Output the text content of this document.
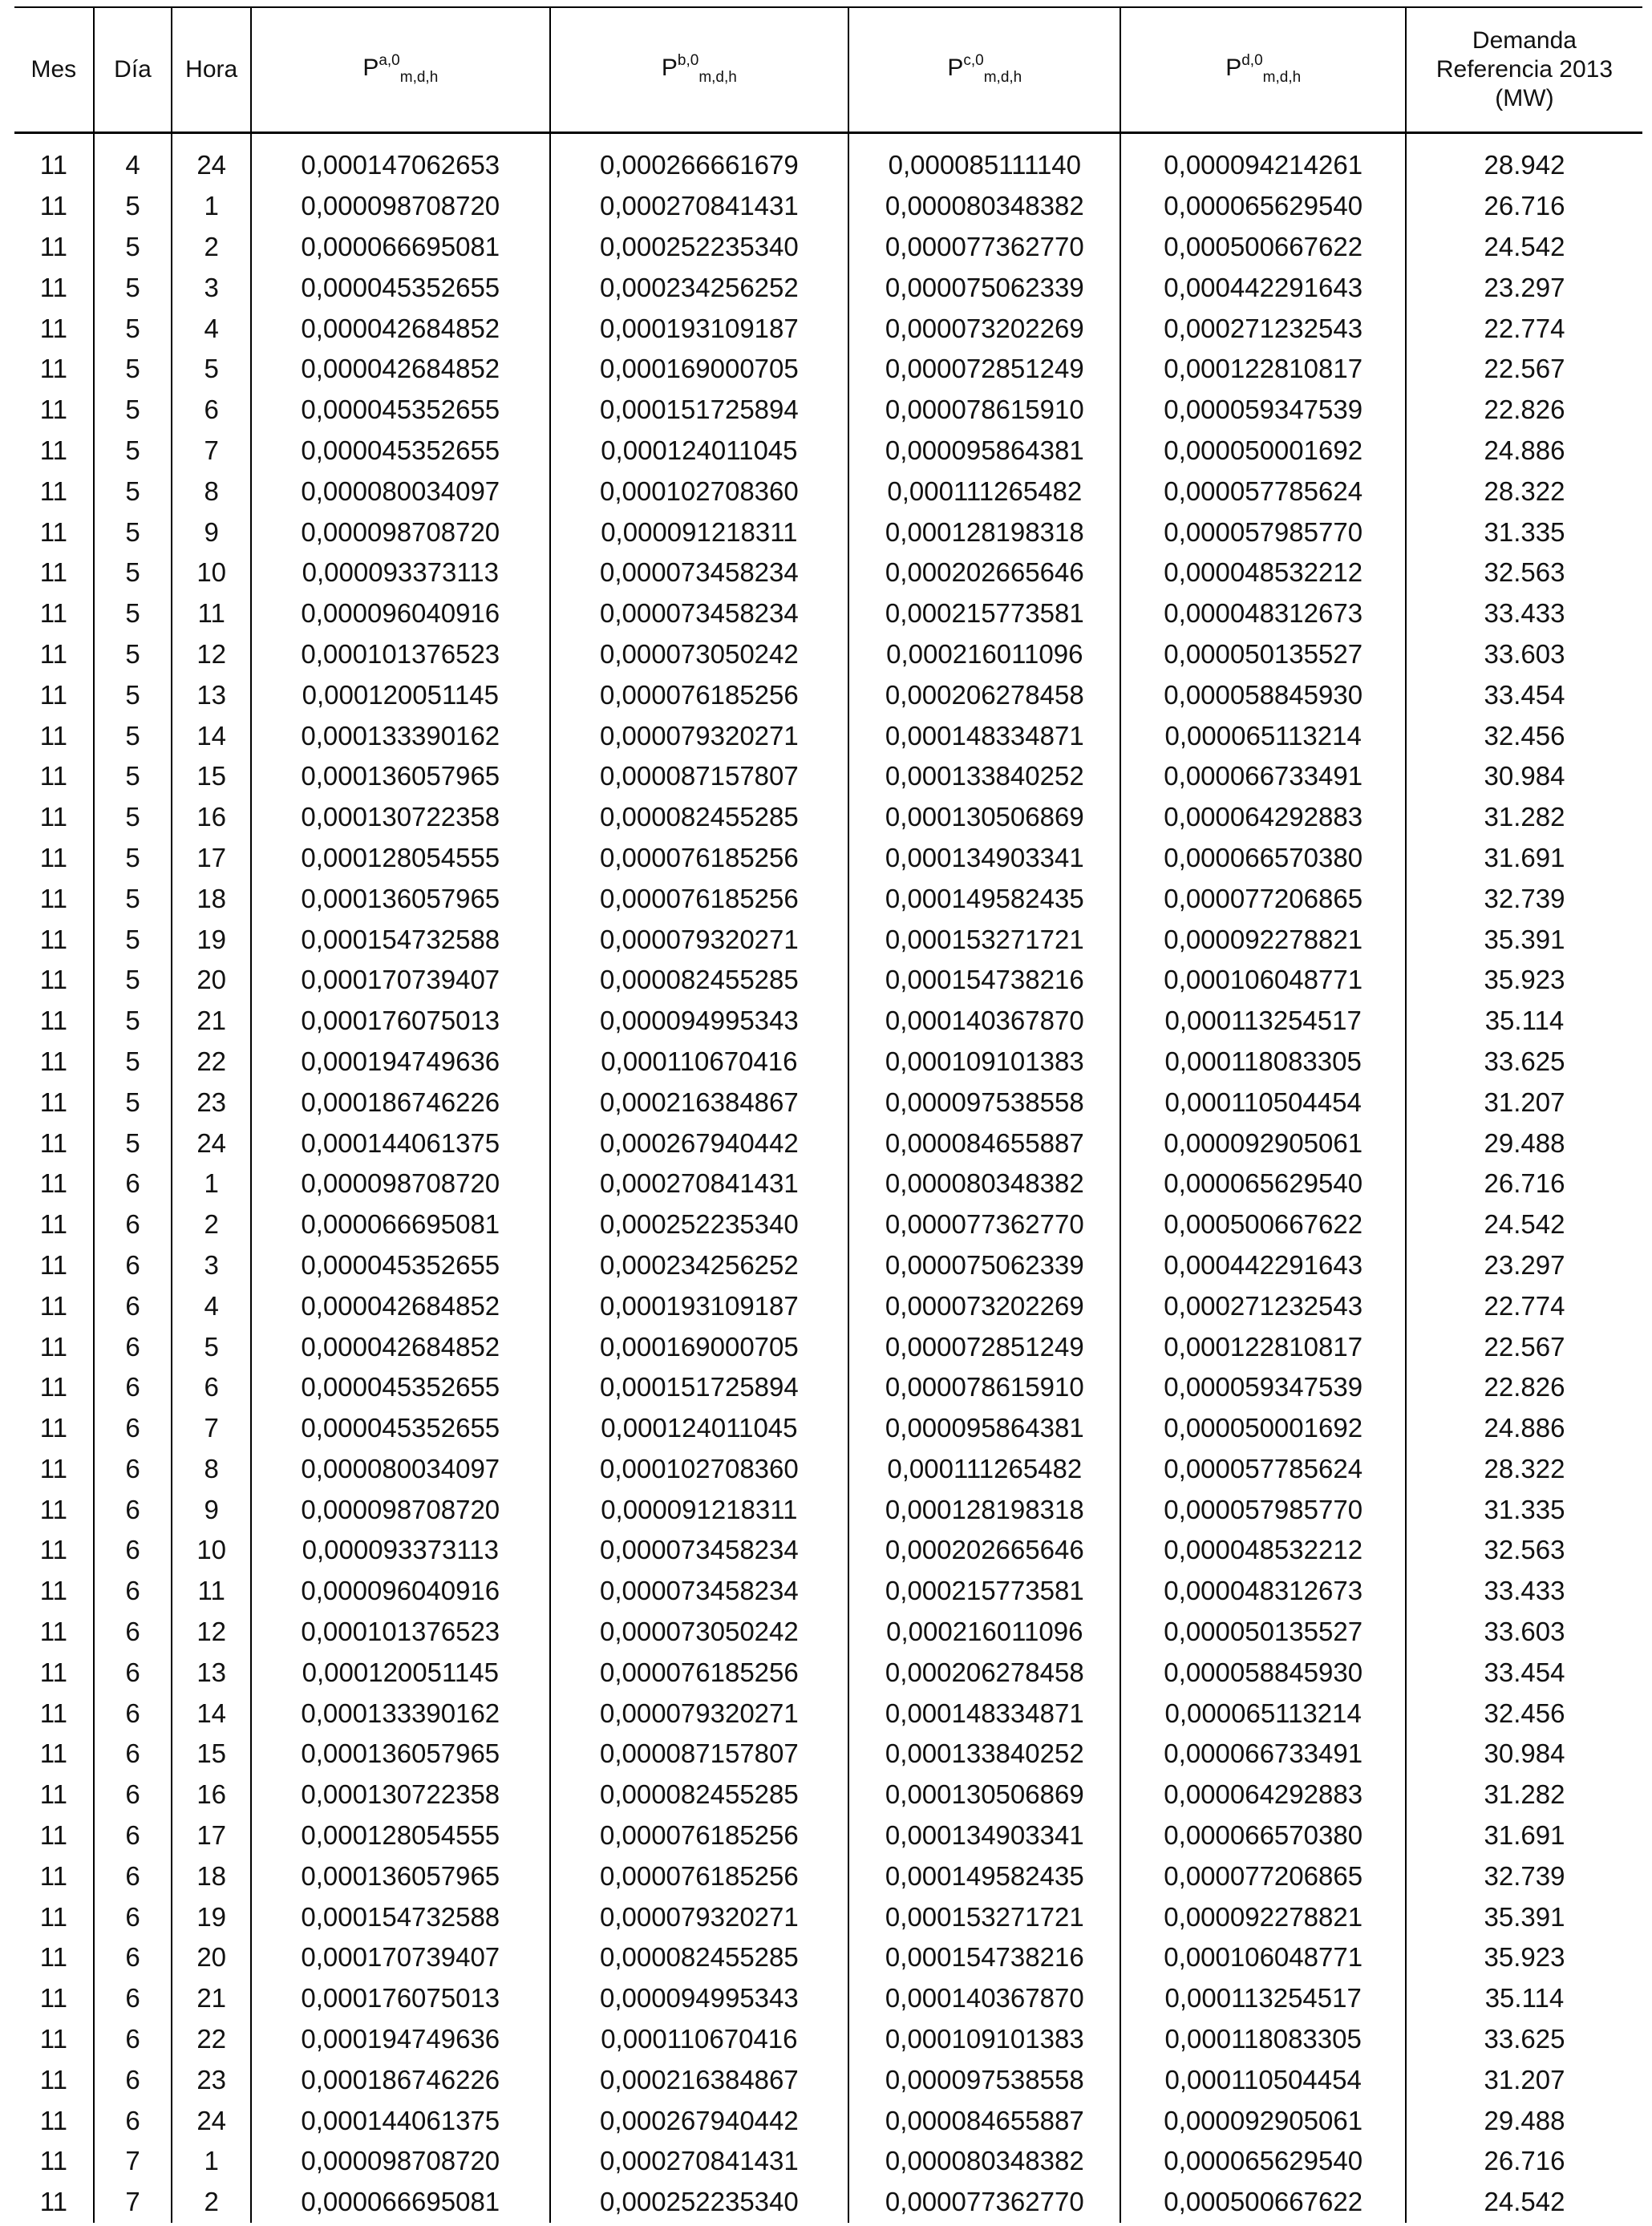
Mes	Día	Hora	P$^{a,0}_{m,d,h}$	P$^{b,0}_{m,d,h}$	P$^{c,0}_{m,d,h}$	P$^{d,0}_{m,d,h}$	Demanda
Referencia 2013
(MW)

11	4	24	0,000147062653	0,000266661679	0,000085111140	0,000094214261	28.942
11	5	1	0,000098708720	0,000270841431	0,000080348382	0,000065629540	26.716
11	5	2	0,000066695081	0,000252235340	0,000077362770	0,000500667622	24.542
11	5	3	0,000045352655	0,000234256252	0,000075062339	0,000442291643	23.297
11	5	4	0,000042684852	0,000193109187	0,000073202269	0,000271232543	22.774
11	5	5	0,000042684852	0,000169000705	0,000072851249	0,000122810817	22.567
11	5	6	0,000045352655	0,000151725894	0,000078615910	0,000059347539	22.826
11	5	7	0,000045352655	0,000124011045	0,000095864381	0,000050001692	24.886
11	5	8	0,000080034097	0,000102708360	0,000111265482	0,000057785624	28.322
11	5	9	0,000098708720	0,000091218311	0,000128198318	0,000057985770	31.335
11	5	10	0,000093373113	0,000073458234	0,000202665646	0,000048532212	32.563
11	5	11	0,000096040916	0,000073458234	0,000215773581	0,000048312673	33.433
11	5	12	0,000101376523	0,000073050242	0,000216011096	0,000050135527	33.603
11	5	13	0,000120051145	0,000076185256	0,000206278458	0,000058845930	33.454
11	5	14	0,000133390162	0,000079320271	0,000148334871	0,000065113214	32.456
11	5	15	0,000136057965	0,000087157807	0,000133840252	0,000066733491	30.984
11	5	16	0,000130722358	0,000082455285	0,000130506869	0,000064292883	31.282
11	5	17	0,000128054555	0,000076185256	0,000134903341	0,000066570380	31.691
11	5	18	0,000136057965	0,000076185256	0,000149582435	0,000077206865	32.739
11	5	19	0,000154732588	0,000079320271	0,000153271721	0,000092278821	35.391
11	5	20	0,000170739407	0,000082455285	0,000154738216	0,000106048771	35.923
11	5	21	0,000176075013	0,000094995343	0,000140367870	0,000113254517	35.114
11	5	22	0,000194749636	0,000110670416	0,000109101383	0,000118083305	33.625
11	5	23	0,000186746226	0,000216384867	0,000097538558	0,000110504454	31.207
11	5	24	0,000144061375	0,000267940442	0,000084655887	0,000092905061	29.488
11	6	1	0,000098708720	0,000270841431	0,000080348382	0,000065629540	26.716
11	6	2	0,000066695081	0,000252235340	0,000077362770	0,000500667622	24.542
11	6	3	0,000045352655	0,000234256252	0,000075062339	0,000442291643	23.297
11	6	4	0,000042684852	0,000193109187	0,000073202269	0,000271232543	22.774
11	6	5	0,000042684852	0,000169000705	0,000072851249	0,000122810817	22.567
11	6	6	0,000045352655	0,000151725894	0,000078615910	0,000059347539	22.826
11	6	7	0,000045352655	0,000124011045	0,000095864381	0,000050001692	24.886
11	6	8	0,000080034097	0,000102708360	0,000111265482	0,000057785624	28.322
11	6	9	0,000098708720	0,000091218311	0,000128198318	0,000057985770	31.335
11	6	10	0,000093373113	0,000073458234	0,000202665646	0,000048532212	32.563
11	6	11	0,000096040916	0,000073458234	0,000215773581	0,000048312673	33.433
11	6	12	0,000101376523	0,000073050242	0,000216011096	0,000050135527	33.603
11	6	13	0,000120051145	0,000076185256	0,000206278458	0,000058845930	33.454
11	6	14	0,000133390162	0,000079320271	0,000148334871	0,000065113214	32.456
11	6	15	0,000136057965	0,000087157807	0,000133840252	0,000066733491	30.984
11	6	16	0,000130722358	0,000082455285	0,000130506869	0,000064292883	31.282
11	6	17	0,000128054555	0,000076185256	0,000134903341	0,000066570380	31.691
11	6	18	0,000136057965	0,000076185256	0,000149582435	0,000077206865	32.739
11	6	19	0,000154732588	0,000079320271	0,000153271721	0,000092278821	35.391
11	6	20	0,000170739407	0,000082455285	0,000154738216	0,000106048771	35.923
11	6	21	0,000176075013	0,000094995343	0,000140367870	0,000113254517	35.114
11	6	22	0,000194749636	0,000110670416	0,000109101383	0,000118083305	33.625
11	6	23	0,000186746226	0,000216384867	0,000097538558	0,000110504454	31.207
11	6	24	0,000144061375	0,000267940442	0,000084655887	0,000092905061	29.488
11	7	1	0,000098708720	0,000270841431	0,000080348382	0,000065629540	26.716
11	7	2	0,000066695081	0,000252235340	0,000077362770	0,000500667622	24.542
